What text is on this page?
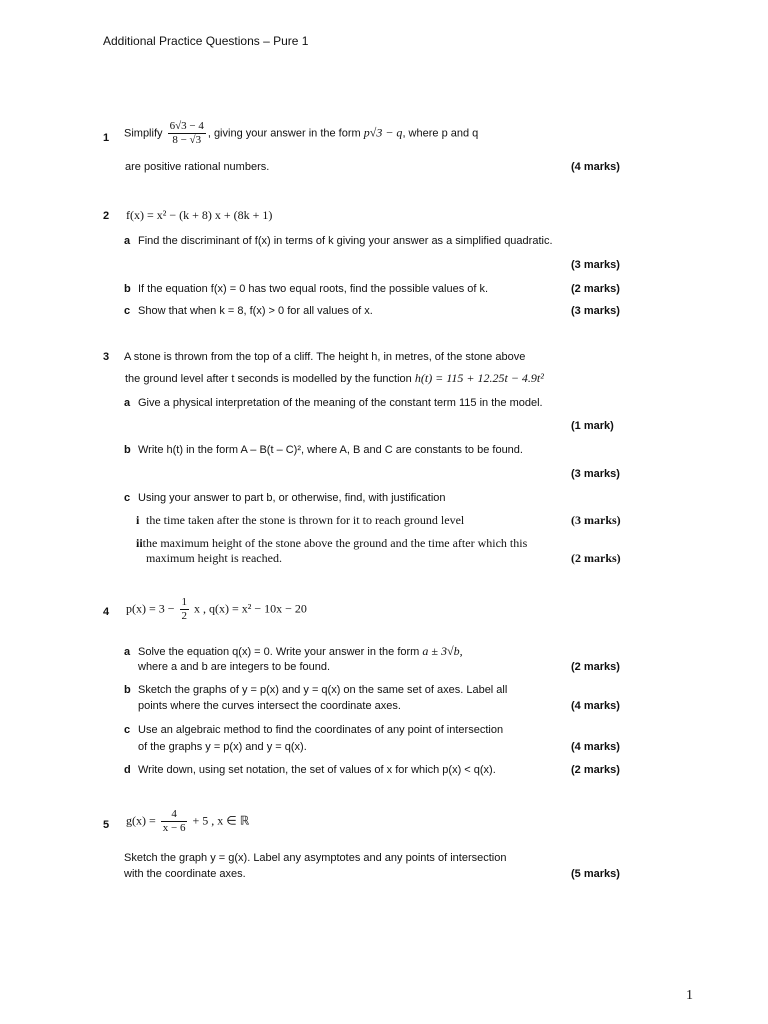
Additional Practice Questions – Pure 1
1 Simplify $\frac{6√3 - 4}{8 - √3}$ , giving your answer in the form p√3 − q, where p and q
are positive rational numbers.	(4 marks)
2 f(x) = x² − (k + 8) x + (8k + 1)
a Find the discriminant of f(x) in terms of k giving your answer as a simplified quadratic.
(3 marks)
b If the equation f(x) = 0 has two equal roots, find the possible values of k.	(2 marks)
c Show that when k = 8, f(x) > 0 for all values of x.	(3 marks)
3 A stone is thrown from the top of a cliff. The height h, in metres, of the stone above
the ground level after t seconds is modelled by the function h(t) = 115 + 12.25t − 4.9t²
a Give a physical interpretation of the meaning of the constant term 115 in the model.
(1 mark)
b Write h(t) in the form A – B(t – C)², where A, B and C are constants to be found.
(3 marks)
c Using your answer to part b, or otherwise, find, with justification
i the time taken after the stone is thrown for it to reach ground level	(3 marks)
iithe maximum height of the stone above the ground and the time after which this
maximum height is reached.	(2 marks)
4 $p(x) = 3 - \frac{1}{2}$ x , q(x) = x² − 10x − 20
a Solve the equation q(x) = 0. Write your answer in the form a ± 3√b,
where a and b are integers to be found.	(2 marks)
b Sketch the graphs of y = p(x) and y = q(x) on the same set of axes. Label all
points where the curves intersect the coordinate axes.	(4 marks)
c Use an algebraic method to find the coordinates of any point of intersection
of the graphs y = p(x) and y = q(x).	(4 marks)
d Write down, using set notation, the set of values of x for which p(x) < q(x).	(2 marks)
5 $g(x) = \frac{4}{x - 6} + 5$ , x ∈ ℝ
Sketch the graph y = g(x). Label any asymptotes and any points of intersection
with the coordinate axes.	(5 marks)
1
